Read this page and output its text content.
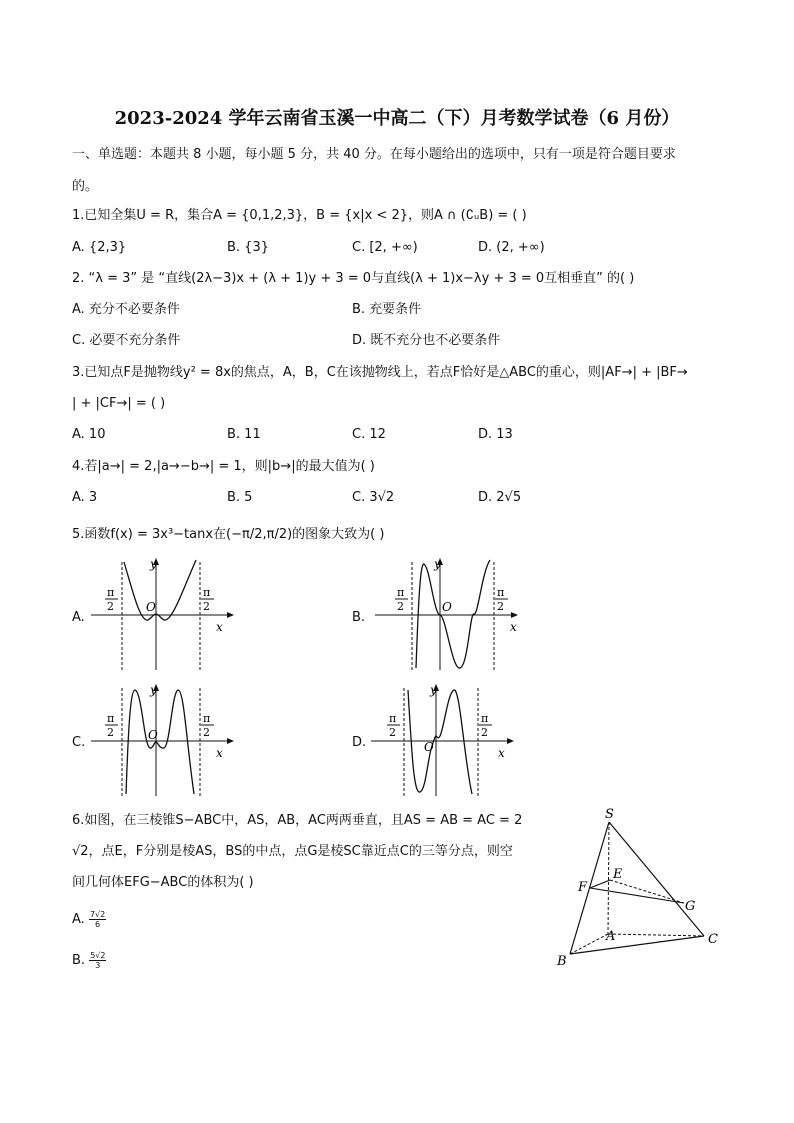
2023-2024 学年云南省玉溪一中高二（下）月考数学试卷（6 月份）
一、单选题：本题共 8 小题，每小题 5 分，共 40 分。在每小题给出的选项中，只有一项是符合题目要求
的。
1.已知全集U = R，集合A = {0,1,2,3}，B = {x|x < 2}，则A ∩ (∁ᵤB) = ( )
A. {2,3}	B. {3}	C. [2, +∞)	D. (2, +∞)
2. “λ = 3” 是 “直线(2λ−3)x + (λ + 1)y + 3 = 0与直线(λ + 1)x−λy + 3 = 0互相垂直” 的( )
A. 充分不必要条件	B. 充要条件
C. 必要不充分条件	D. 既不充分也不必要条件
3.已知点F是抛物线y² = 8x的焦点，A，B，C在该抛物线上，若点F恰好是△ABC的重心，则|AF→| + |BF→
| + |CF→| = ( )
A. 10	B. 11	C. 12	D. 13
4.若|a→| = 2,|a→−b→| = 1，则|b→|的最大值为( )
A. 3	B. 5	C. 3√2	D. 2√5
5.函数f(x) = 3x³−tanx在(−π/2,π/2)的图象大致为( )
A.	B.
C.	D.
y
x
O
π
2
π
2
y
x
O
π
2
π
2
y
x
O
π
2
π
2
y
x
O
π
2
π
2
6.如图，在三棱锥S−ABC中，AS，AB，AC两两垂直，且AS = AB = AC = 2
√2，点E，F分别是棱AS，BS的中点，点G是棱SC靠近点C的三等分点，则空
间几何体EFG−ABC的体积为( )
A. $\frac{7√2}{6}$
B. $\frac{5√2}{3}$
S
E
F
G
A
B
C
